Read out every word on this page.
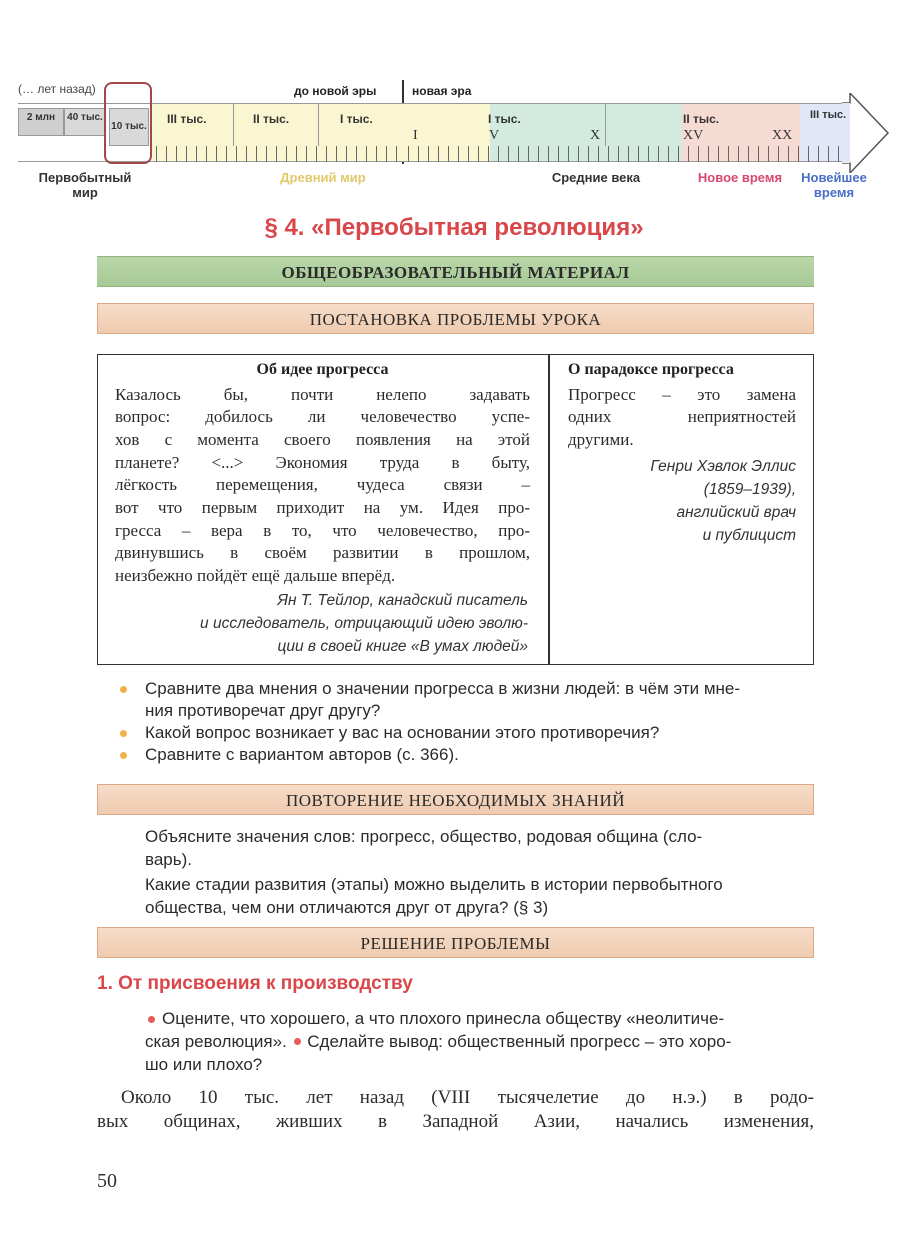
(… лет назад)	до новой эры	новая эра
2 млн	40 тыс.
10 тыс.
III тыс.	II тыс.	I тыс.	I тыс.	II тыс.	III тыс.
I	V	X	XV	XX
Первобытный мир
Древний мир	Средние века	Новое время	Новейшее время
§ 4. «Первобытная революция»
ОБЩЕОБРАЗОВАТЕЛЬНЫЙ МАТЕРИАЛ
ПОСТАНОВКА ПРОБЛЕМЫ УРОКА
Об идее прогресса
Казалось бы, почти нелепо задавать
вопрос: добилось ли человечество успе-
хов с момента своего появления на этой
планете? <...> Экономия труда в быту,
лёгкость перемещения, чудеса связи –
вот что первым приходит на ум. Идея про-
гресса – вера в то, что человечество, про-
двинувшись в своём развитии в прошлом,
неизбежно пойдёт ещё дальше вперёд.
Ян Т. Тейлор, канадский писатель
и исследователь, отрицающий идею эволю-
ции в своей книге «В умах людей»
О парадоксе прогресса
Прогресс – это замена
одних неприятностей
другими.
Генри Хэвлок Эллис
(1859–1939),
английский врач
и публицист
Сравните два мнения о значении прогресса в жизни людей: в чём эти мне-
ния противоречат друг другу?
Какой вопрос возникает у вас на основании этого противоречия?
Сравните с вариантом авторов (с. 366).
ПОВТОРЕНИЕ НЕОБХОДИМЫХ ЗНАНИЙ
Объясните значения слов: прогресс, общество, родовая община (сло-
варь).
Какие стадии развития (этапы) можно выделить в истории первобытного
общества, чем они отличаются друг от друга? (§ 3)
РЕШЕНИЕ ПРОБЛЕМЫ
1. От присвоения к производству
Оцените, что хорошего, а что плохого принесла обществу «неолитиче-
ская революция». Сделайте вывод: общественный прогресс – это хоро-
шо или плохо?
Около 10 тыс. лет назад (VIII тысячелетие до н.э.) в родо-
вых общинах, живших в Западной Азии, начались изменения,
50
